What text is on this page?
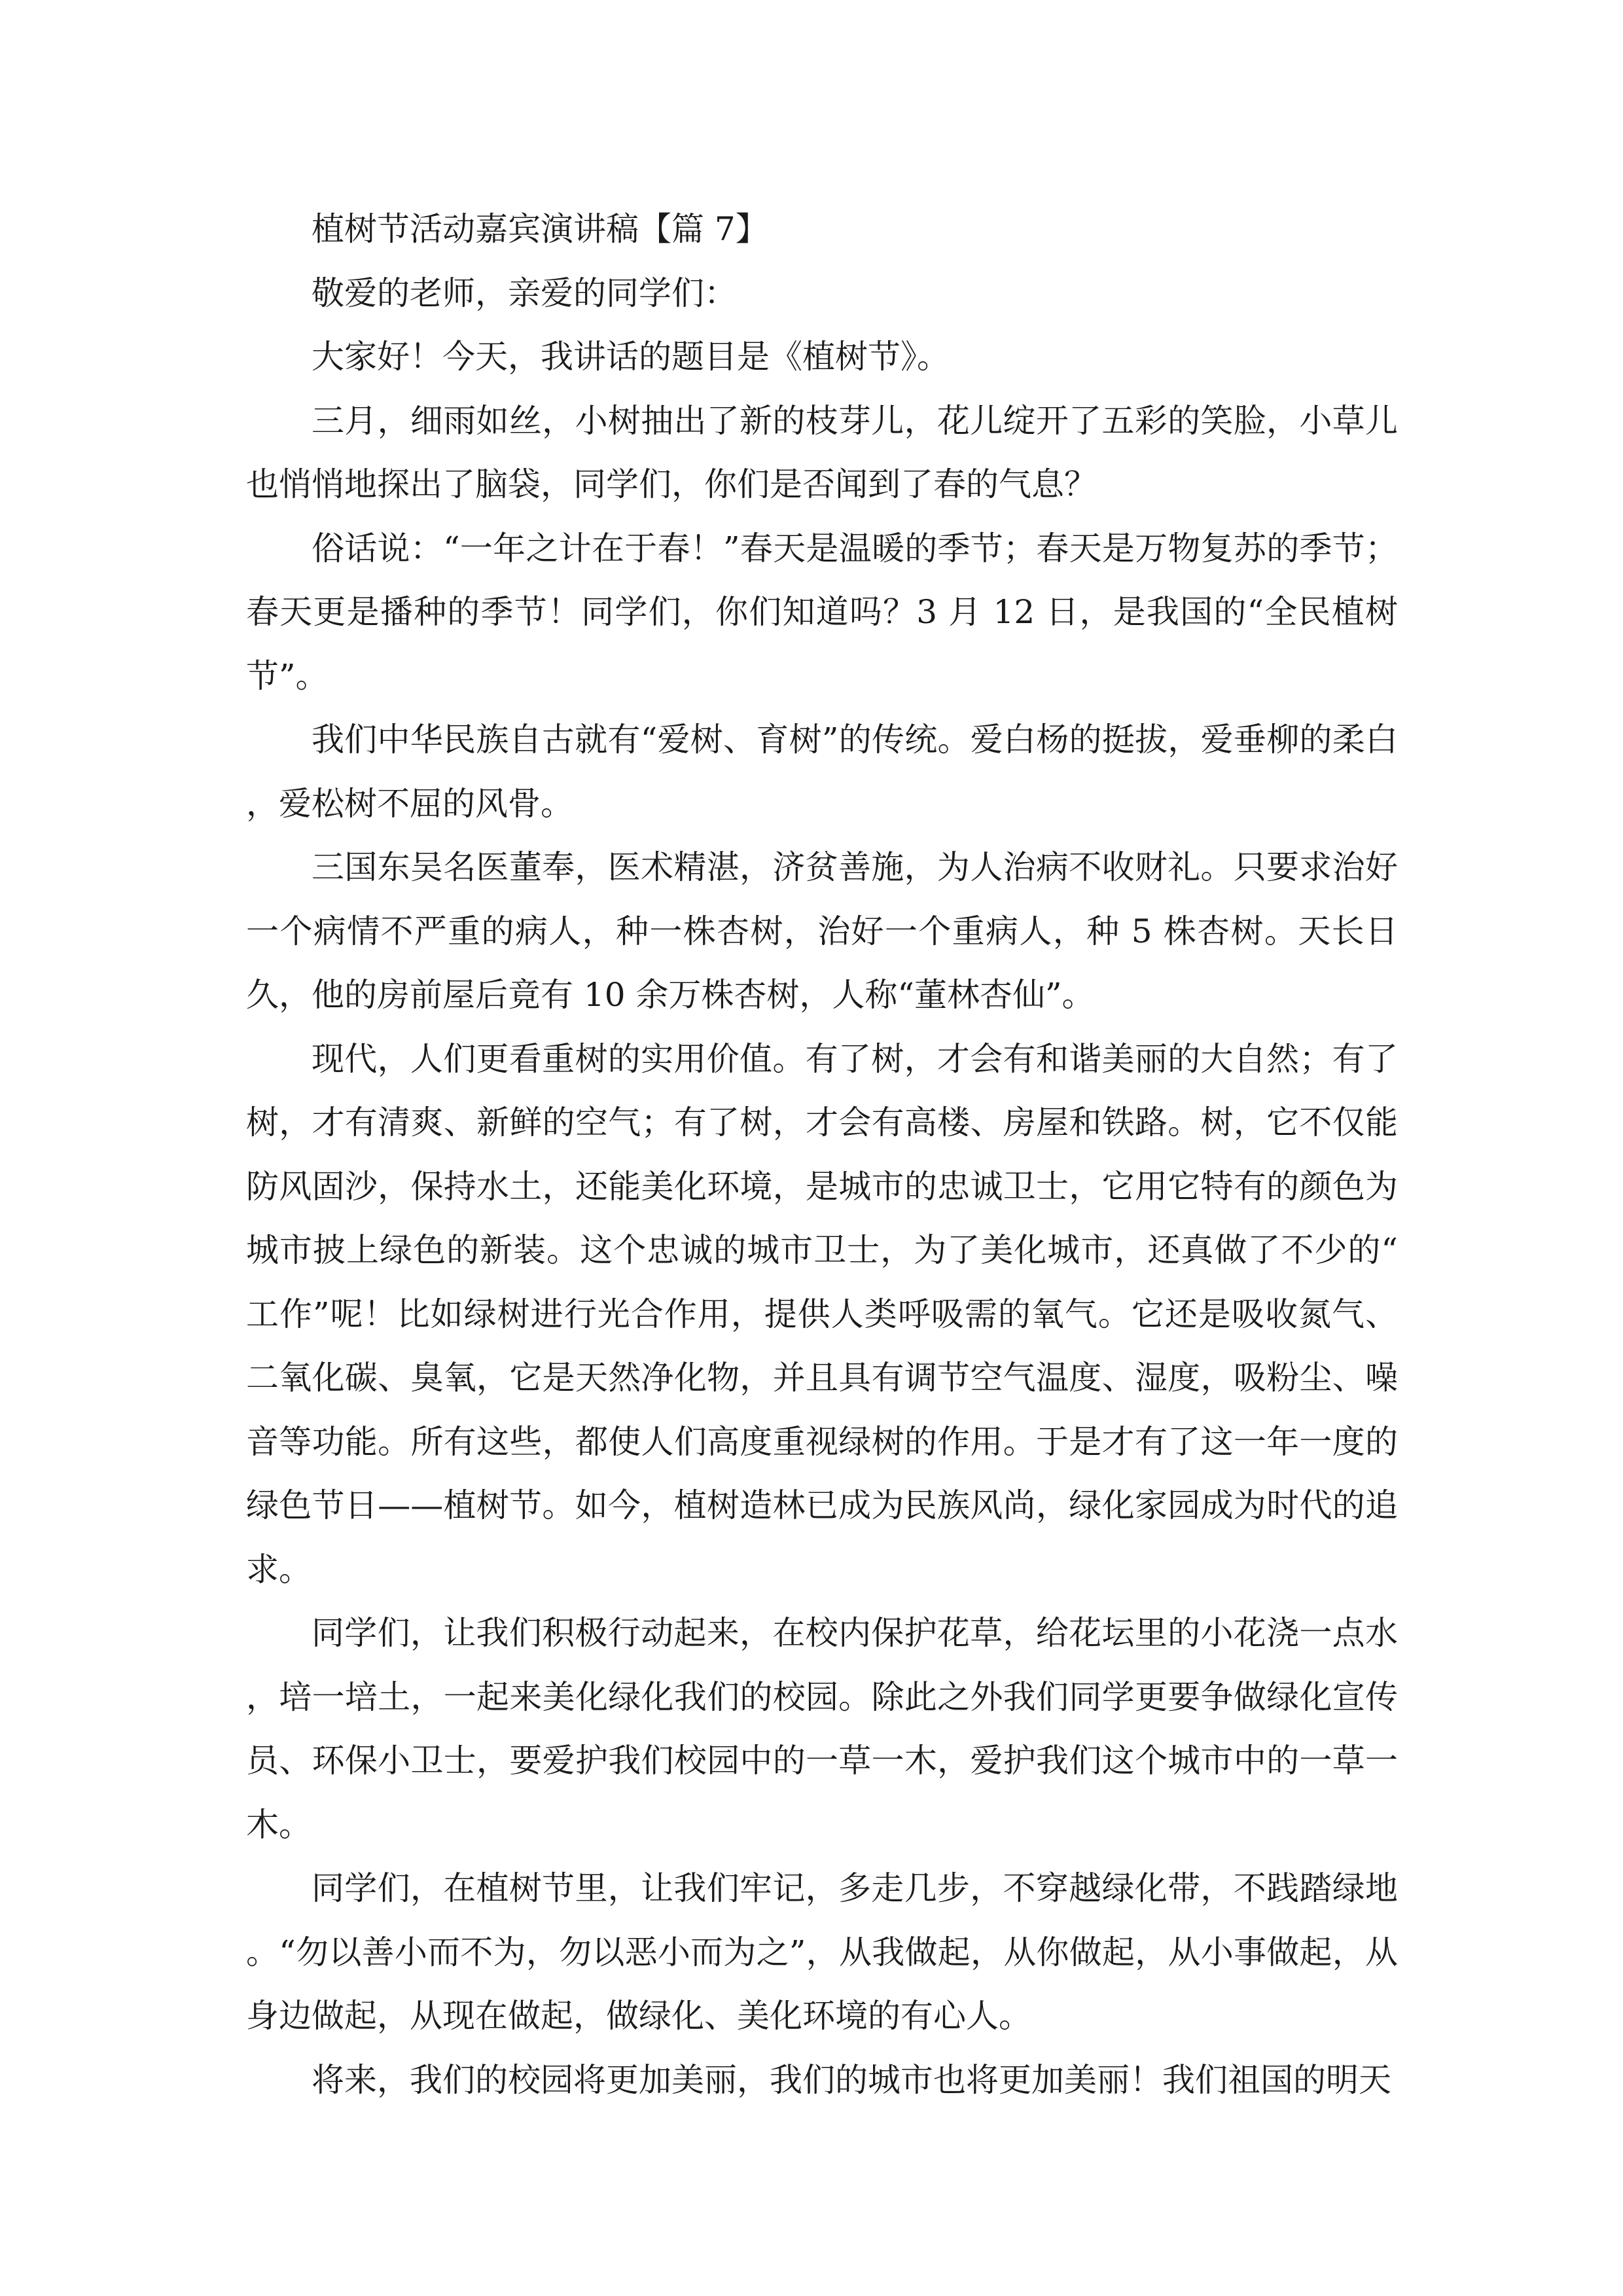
植树节活动嘉宾演讲稿【篇 7】

敬爱的老师，亲爱的同学们：

大家好！今天，我讲话的题目是《植树节》。

三月，细雨如丝，小树抽出了新的枝芽儿，花儿绽开了五彩的笑脸，小草儿也悄悄地探出了脑袋，同学们，你们是否闻到了春的气息？

俗话说：“一年之计在于春！”春天是温暖的季节；春天是万物复苏的季节；春天更是播种的季节！同学们，你们知道吗？3 月 12 日，是我国的“全民植树节”。

我们中华民族自古就有“爱树、育树”的传统。爱白杨的挺拔，爱垂柳的柔白，爱松树不屈的风骨。

三国东吴名医董奉，医术精湛，济贫善施，为人治病不收财礼。只要求治好一个病情不严重的病人，种一株杏树，治好一个重病人，种 5 株杏树。天长日久，他的房前屋后竟有 10 余万株杏树，人称“董林杏仙”。

现代，人们更看重树的实用价值。有了树，才会有和谐美丽的大自然；有了树，才有清爽、新鲜的空气；有了树，才会有高楼、房屋和铁路。树，它不仅能防风固沙，保持水土，还能美化环境，是城市的忠诚卫士，它用它特有的颜色为城市披上绿色的新装。这个忠诚的城市卫士，为了美化城市，还真做了不少的“工作”呢！比如绿树进行光合作用，提供人类呼吸需的氧气。它还是吸收氮气、二氧化碳、臭氧，它是天然净化物，并且具有调节空气温度、湿度，吸粉尘、噪音等功能。所有这些，都使人们高度重视绿树的作用。于是才有了这一年一度的绿色节日——植树节。如今，植树造林已成为民族风尚，绿化家园成为时代的追求。

同学们，让我们积极行动起来，在校内保护花草，给花坛里的小花浇一点水，培一培土，一起来美化绿化我们的校园。除此之外我们同学更要争做绿化宣传员、环保小卫士，要爱护我们校园中的一草一木，爱护我们这个城市中的一草一木。

同学们，在植树节里，让我们牢记，多走几步，不穿越绿化带，不践踏绿地。“勿以善小而不为，勿以恶小而为之”，从我做起，从你做起，从小事做起，从身边做起，从现在做起，做绿化、美化环境的有心人。

将来，我们的校园将更加美丽，我们的城市也将更加美丽！我们祖国的明天
